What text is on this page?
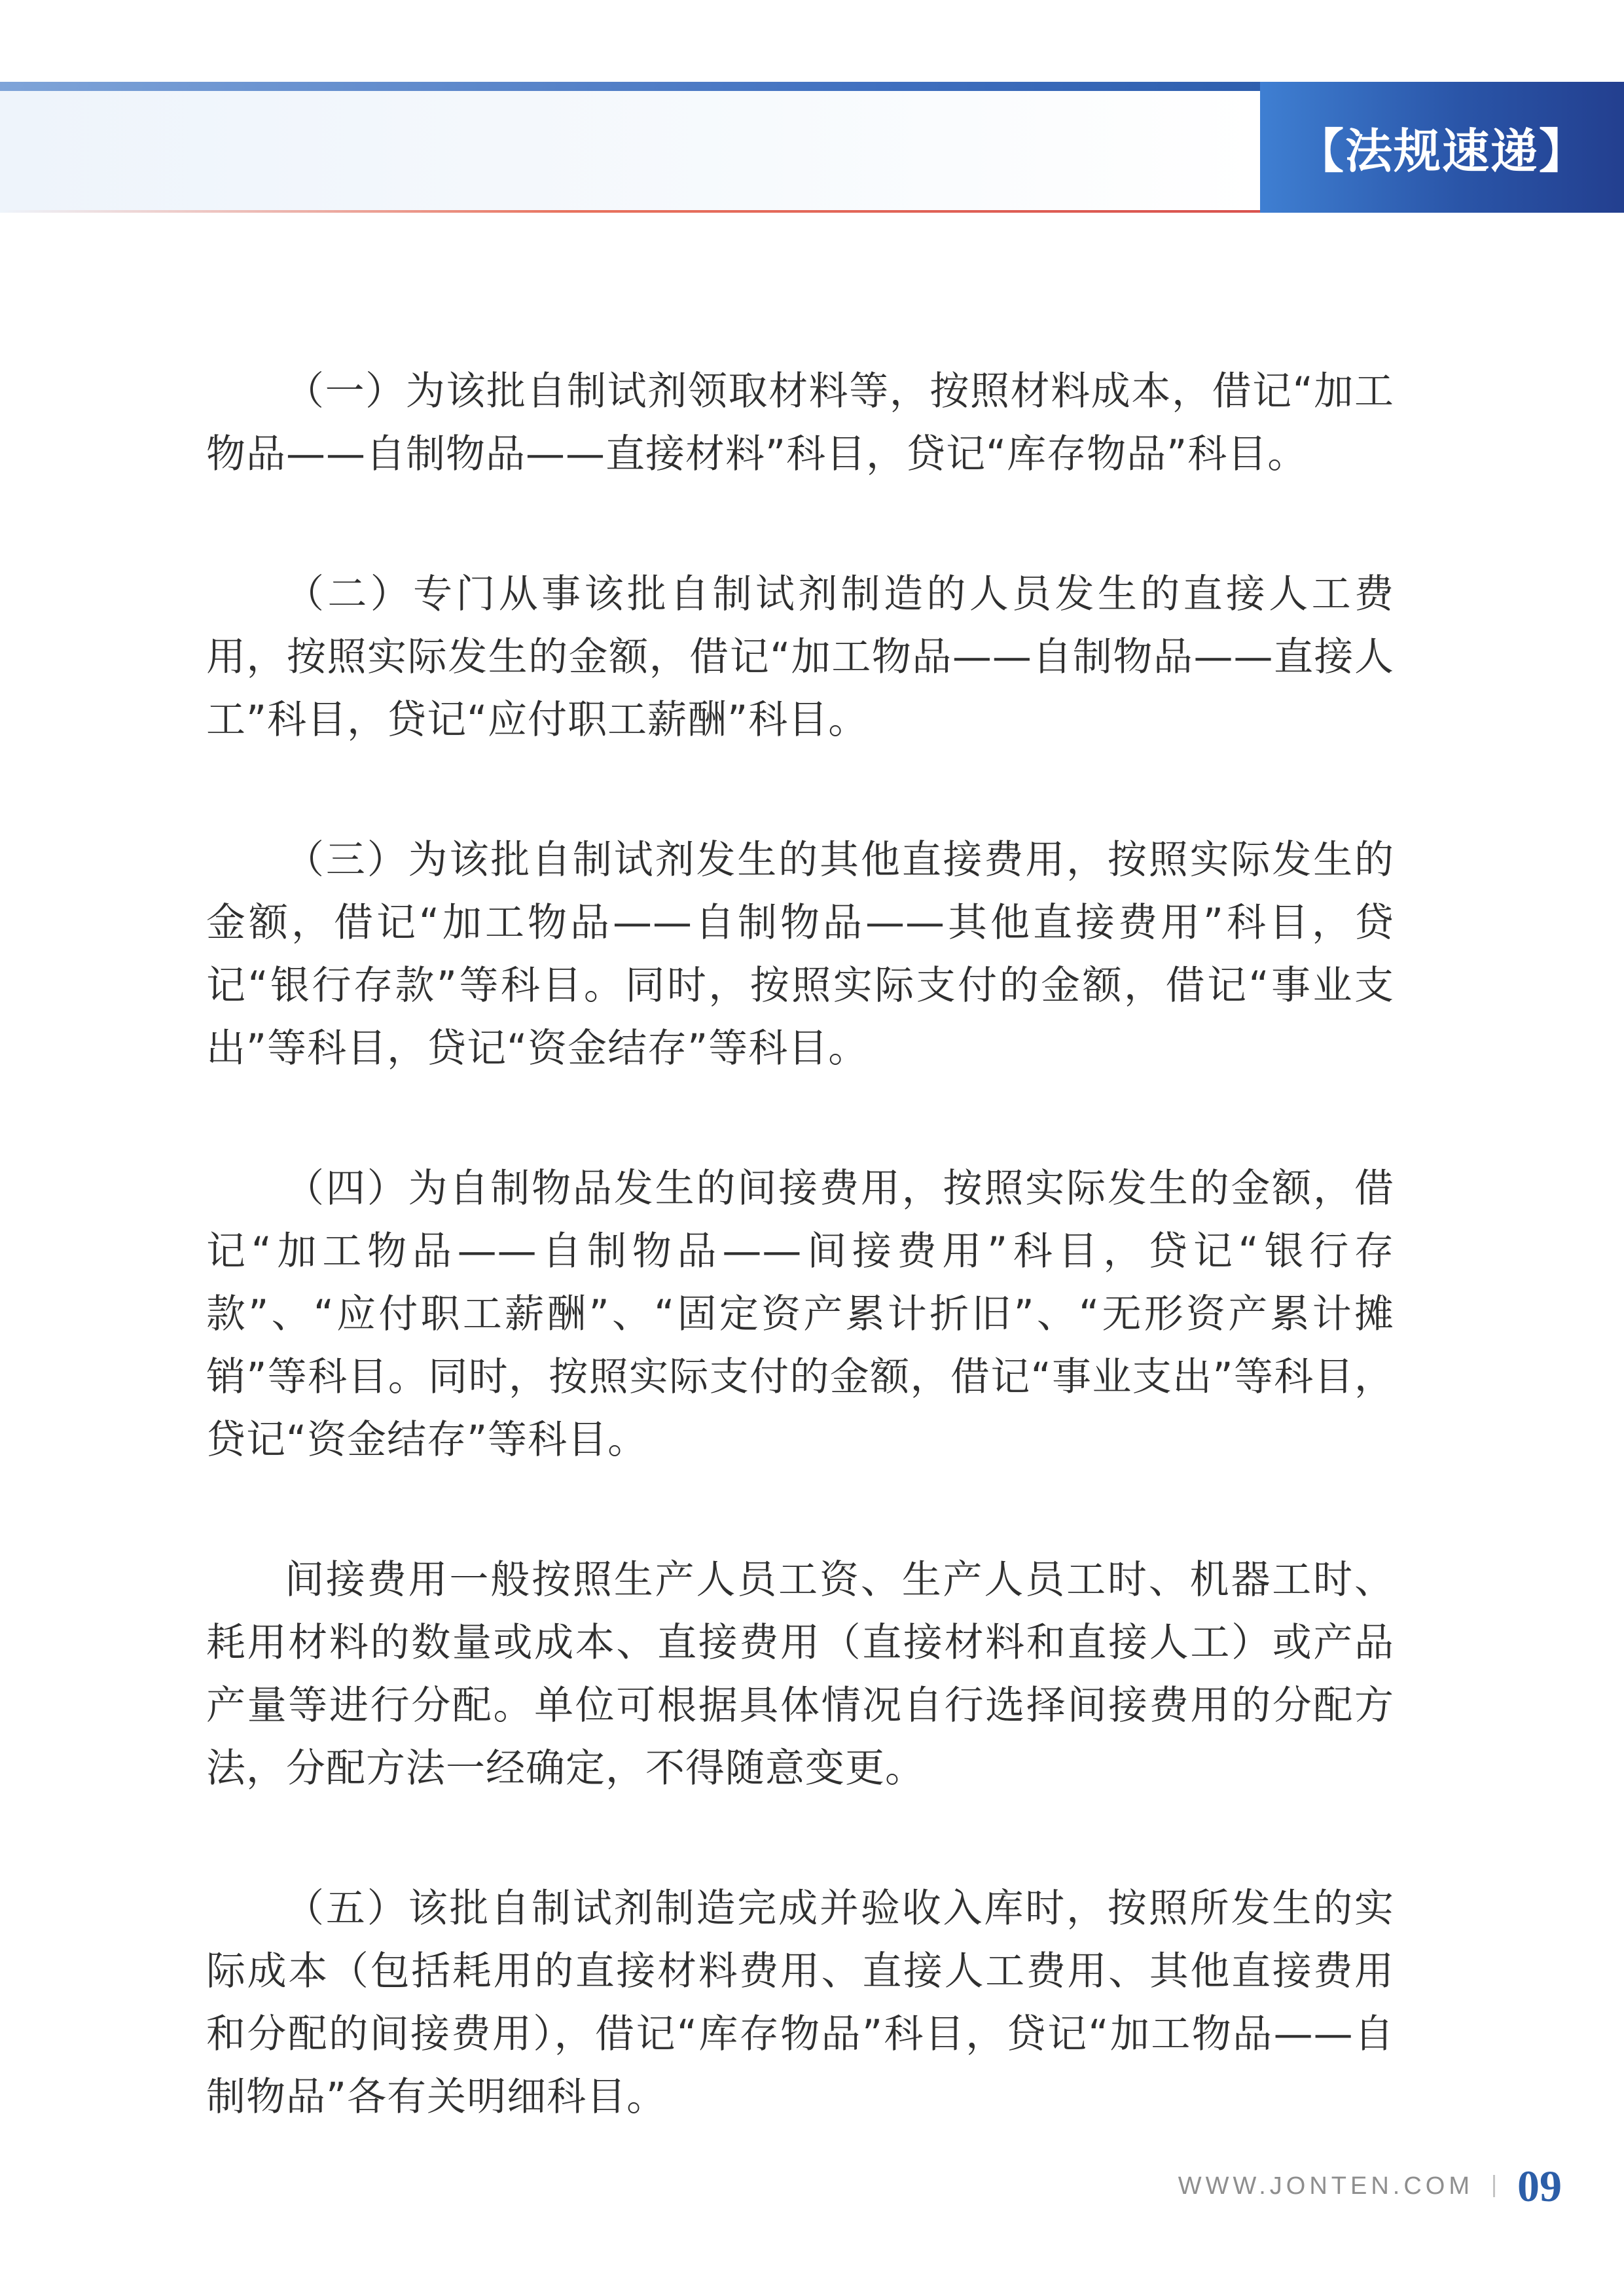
【法规速递】

（一）为该批自制试剂领取材料等，按照材料成本，借记“加工物品——自制物品——直接材料”科目，贷记“库存物品”科目。

（二）专门从事该批自制试剂制造的人员发生的直接人工费用，按照实际发生的金额，借记“加工物品——自制物品——直接人工”科目，贷记“应付职工薪酬”科目。

（三）为该批自制试剂发生的其他直接费用，按照实际发生的金额，借记“加工物品——自制物品——其他直接费用”科目，贷记“银行存款”等科目。同时，按照实际支付的金额，借记“事业支出”等科目，贷记“资金结存”等科目。

（四）为自制物品发生的间接费用，按照实际发生的金额，借记“加工物品——自制物品——间接费用”科目，贷记“银行存款”、“应付职工薪酬”、“固定资产累计折旧”、“无形资产累计摊销”等科目。同时，按照实际支付的金额，借记“事业支出”等科目，贷记“资金结存”等科目。

间接费用一般按照生产人员工资、生产人员工时、机器工时、耗用材料的数量或成本、直接费用（直接材料和直接人工）或产品产量等进行分配。单位可根据具体情况自行选择间接费用的分配方法，分配方法一经确定，不得随意变更。

（五）该批自制试剂制造完成并验收入库时，按照所发生的实际成本（包括耗用的直接材料费用、直接人工费用、其他直接费用和分配的间接费用），借记“库存物品”科目，贷记“加工物品——自制物品”各有关明细科目。

WWW.JONTEN.COM 09
